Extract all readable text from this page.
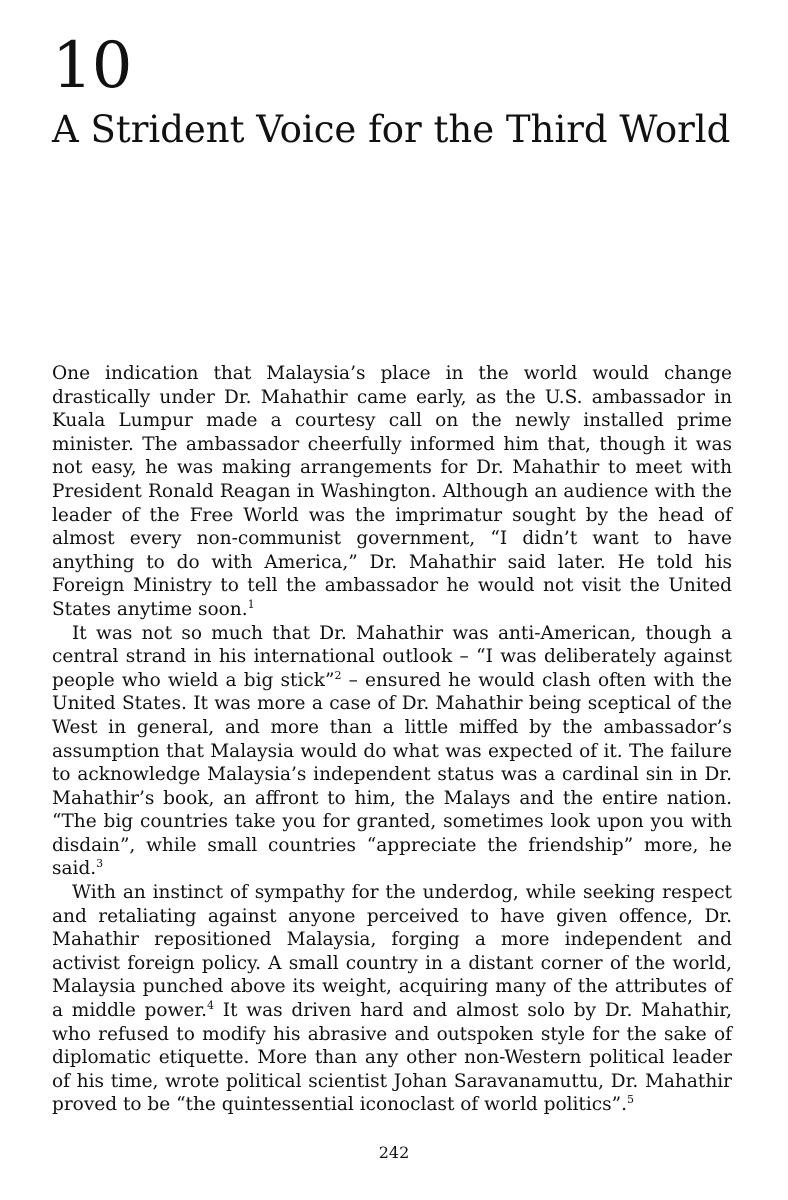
10
A Strident Voice for the Third World

One indication that Malaysia’s place in the world would change drastically under Dr. Mahathir came early, as the U.S. ambassador in Kuala Lumpur made a courtesy call on the newly installed prime minister. The ambassador cheerfully informed him that, though it was not easy, he was making arrangements for Dr. Mahathir to meet with President Ronald Reagan in Washington. Although an audience with the leader of the Free World was the imprimatur sought by the head of almost every non-communist government, “I didn’t want to have anything to do with America,” Dr. Mahathir said later. He told his Foreign Ministry to tell the ambassador he would not visit the United States anytime soon.$^1$

It was not so much that Dr. Mahathir was anti-American, though a central strand in his international outlook – “I was deliberately against people who wield a big stick”$^2$ – ensured he would clash often with the United States. It was more a case of Dr. Mahathir being sceptical of the West in general, and more than a little miffed by the ambassador’s assumption that Malaysia would do what was expected of it. The failure to acknowledge Malaysia’s independent status was a cardinal sin in Dr. Mahathir’s book, an affront to him, the Malays and the entire nation. “The big countries take you for granted, sometimes look upon you with disdain”, while small countries “appreciate the friendship” more, he said.$^3$

With an instinct of sympathy for the underdog, while seeking respect and retaliating against anyone perceived to have given offence, Dr. Mahathir repositioned Malaysia, forging a more independent and activist foreign policy. A small country in a distant corner of the world, Malaysia punched above its weight, acquiring many of the attributes of a middle power.$^4$ It was driven hard and almost solo by Dr. Mahathir, who refused to modify his abrasive and outspoken style for the sake of diplomatic etiquette. More than any other non-Western political leader of his time, wrote political scientist Johan Saravanamuttu, Dr. Mahathir proved to be “the quintessential iconoclast of world politics”.$^5$

242
